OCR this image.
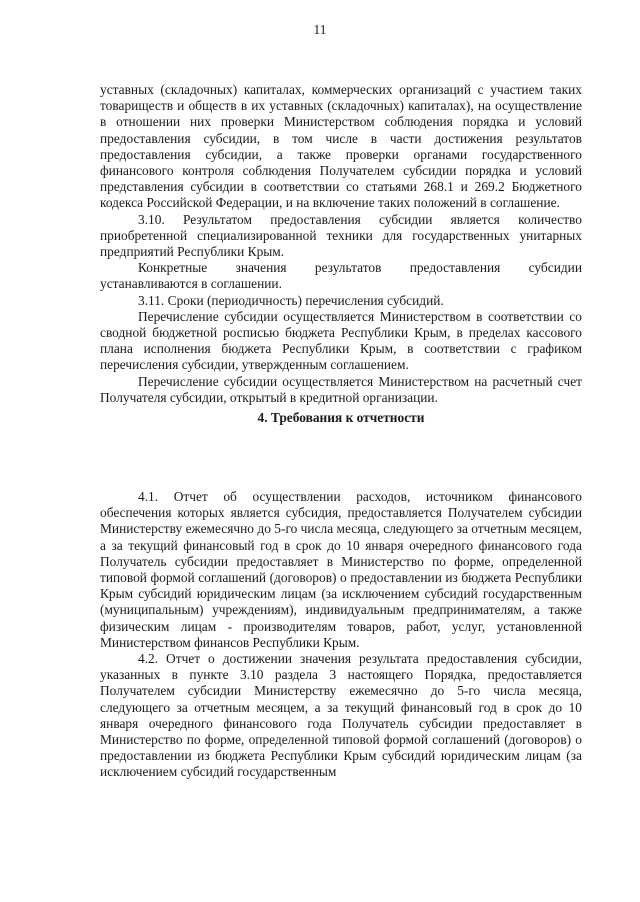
11

уставных (складочных) капиталах, коммерческих организаций с участием таких товариществ и обществ в их уставных (складочных) капиталах), на осуществление в отношении них проверки Министерством соблюдения порядка и условий предоставления субсидии, в том числе в части достижения результатов предоставления субсидии, а также проверки органами государственного финансового контроля соблюдения Получателем субсидии порядка и условий представления субсидии в соответствии со статьями 268.1 и 269.2 Бюджетного кодекса Российской Федерации, и на включение таких положений в соглашение.

3.10. Результатом предоставления субсидии является количество приобретенной специализированной техники для государственных унитарных предприятий Республики Крым.

Конкретные значения результатов предоставления субсидии устанавливаются в соглашении.

3.11. Сроки (периодичность) перечисления субсидий.

Перечисление субсидии осуществляется Министерством в соответствии со сводной бюджетной росписью бюджета Республики Крым, в пределах кассового плана исполнения бюджета Республики Крым, в соответствии с графиком перечисления субсидии, утвержденным соглашением.

Перечисление субсидии осуществляется Министерством на расчетный счет Получателя субсидии, открытый в кредитной организации.

4. Требования к отчетности

4.1. Отчет об осуществлении расходов, источником финансового обеспечения которых является субсидия, предоставляется Получателем субсидии Министерству ежемесячно до 5-го числа месяца, следующего за отчетным месяцем, а за текущий финансовый год в срок до 10 января очередного финансового года Получатель субсидии предоставляет в Министерство по форме, определенной типовой формой соглашений (договоров) о предоставлении из бюджета Республики Крым субсидий юридическим лицам (за исключением субсидий государственным (муниципальным) учреждениям), индивидуальным предпринимателям, а также физическим лицам - производителям товаров, работ, услуг, установленной Министерством финансов Республики Крым.

4.2. Отчет о достижении значения результата предоставления субсидии, указанных в пункте 3.10 раздела 3 настоящего Порядка, предоставляется Получателем субсидии Министерству ежемесячно до 5-го числа месяца, следующего за отчетным месяцем, а за текущий финансовый год в срок до 10 января очередного финансового года Получатель субсидии предоставляет в Министерство по форме, определенной типовой формой соглашений (договоров) о предоставлении из бюджета Республики Крым субсидий юридическим лицам (за исключением субсидий государственным
